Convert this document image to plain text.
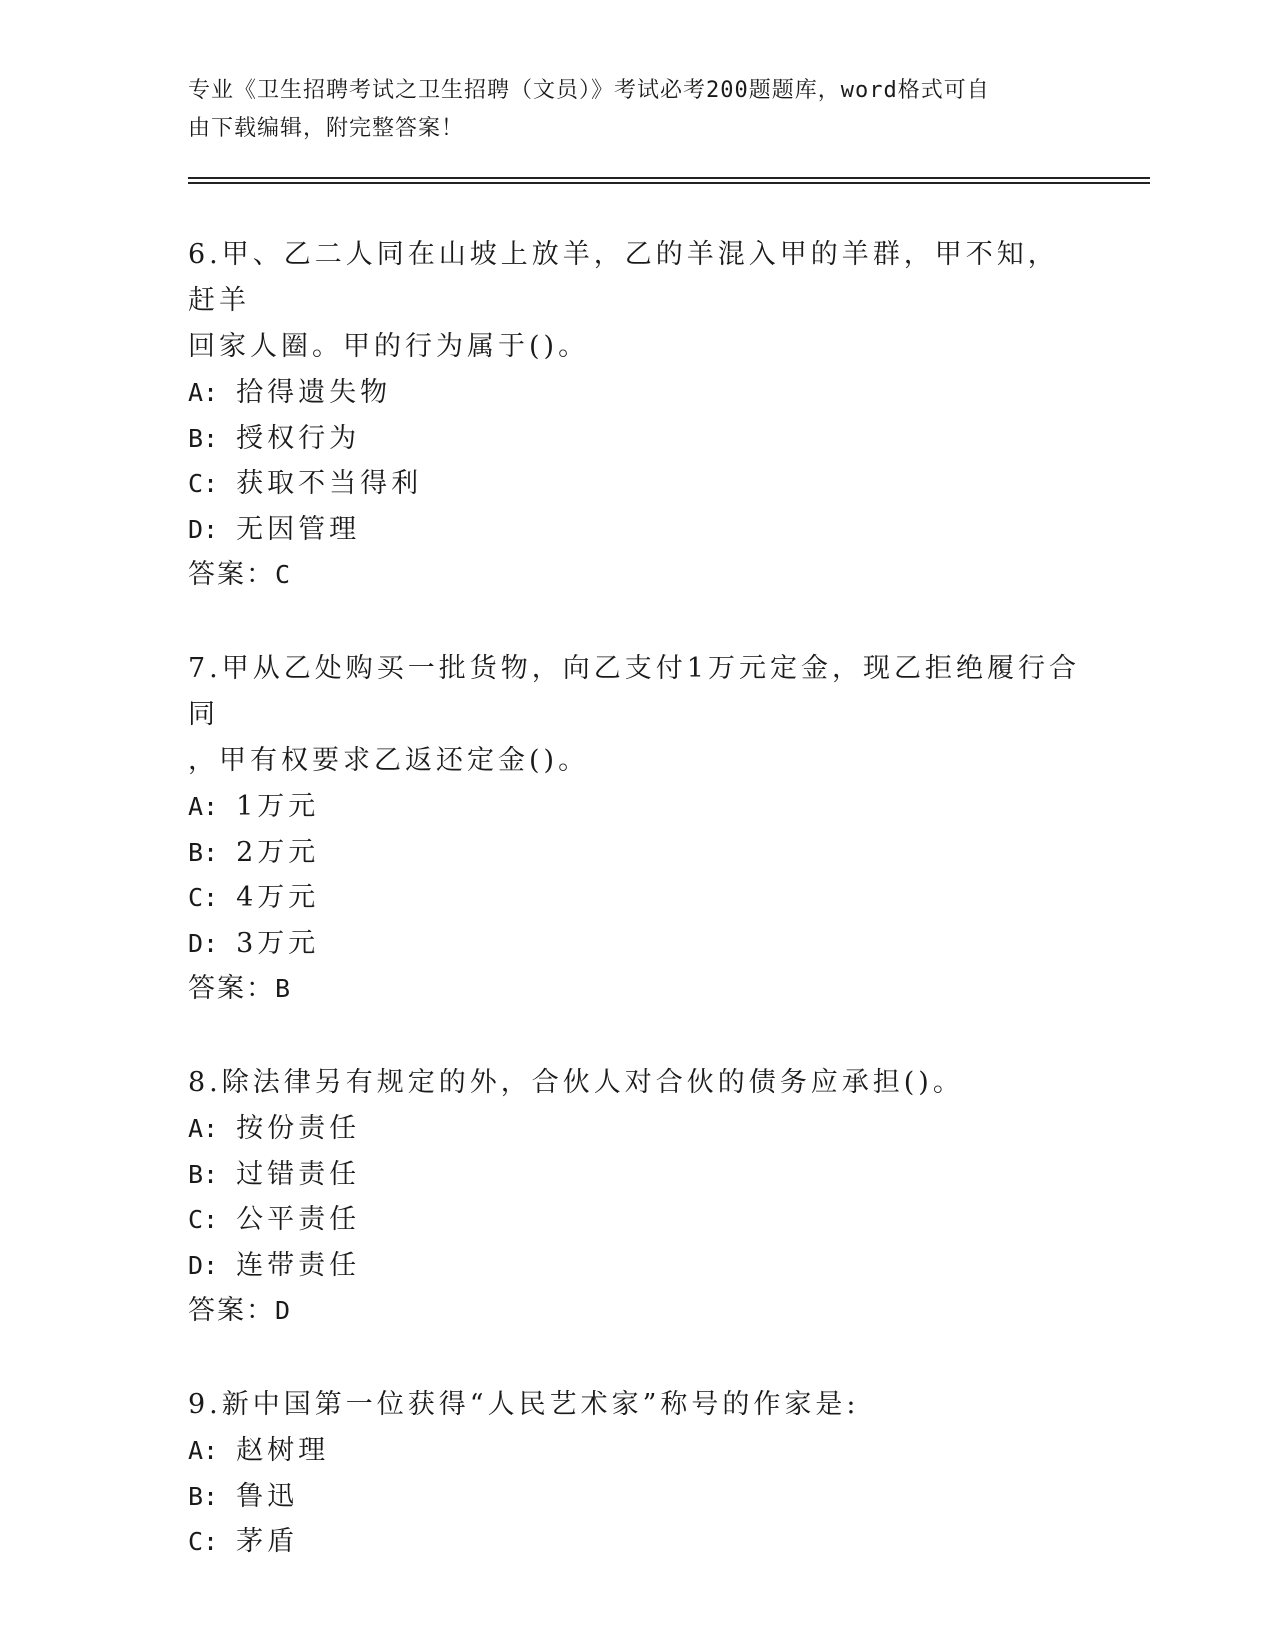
专业《卫生招聘考试之卫生招聘（文员）》考试必考200题题库，word格式可自
由下载编辑，附完整答案！
6.甲、乙二人同在山坡上放羊，乙的羊混入甲的羊群，甲不知，赶羊
回家人圈。甲的行为属于()。
A: 拾得遗失物
B: 授权行为
C: 获取不当得利
D: 无因管理
答案：C
7.甲从乙处购买一批货物，向乙支付1万元定金，现乙拒绝履行合同
，甲有权要求乙返还定金()。
A: 1万元
B: 2万元
C: 4万元
D: 3万元
答案：B
8.除法律另有规定的外，合伙人对合伙的债务应承担()。
A: 按份责任
B: 过错责任
C: 公平责任
D: 连带责任
答案：D
9.新中国第一位获得“人民艺术家”称号的作家是:
A: 赵树理
B: 鲁迅
C: 茅盾
